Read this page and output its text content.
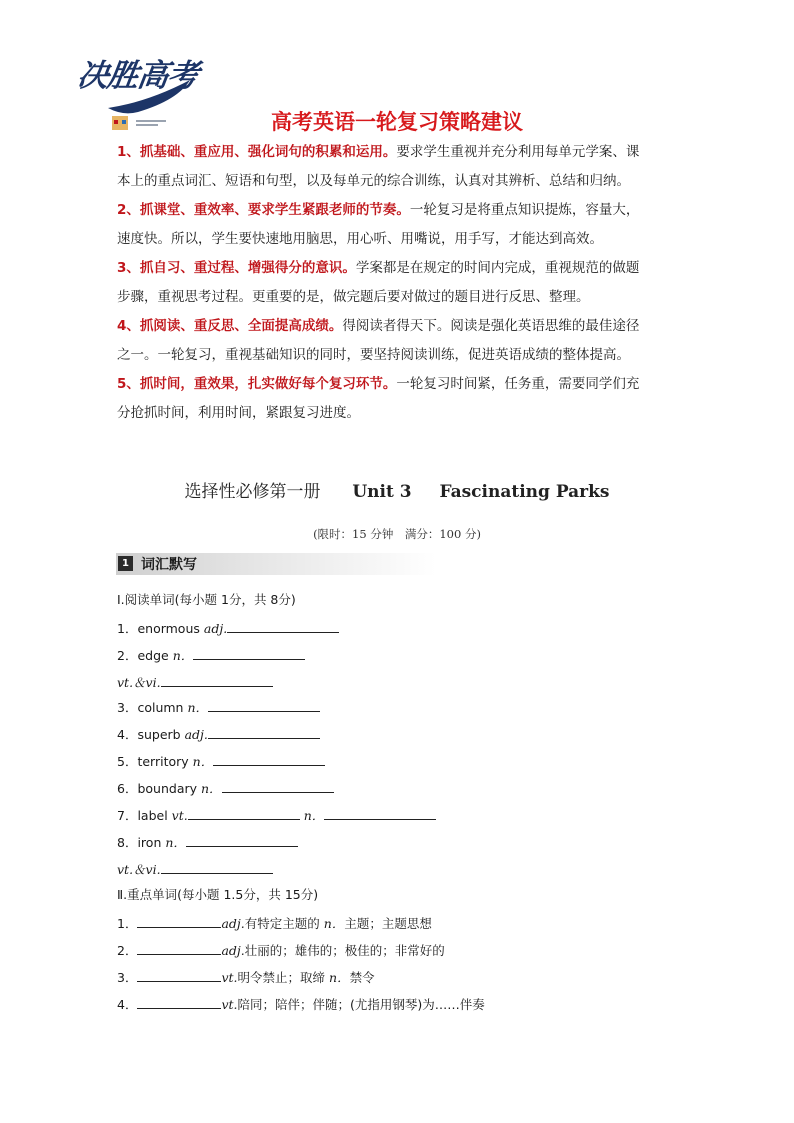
决胜高考
高考英语一轮复习策略建议
1、抓基础、重应用、强化词句的积累和运用。要求学生重视并充分利用每单元学案、课
本上的重点词汇、短语和句型，以及每单元的综合训练，认真对其辨析、总结和归纳。
2、抓课堂、重效率、要求学生紧跟老师的节奏。一轮复习是将重点知识提炼，容量大，
速度快。所以，学生要快速地用脑思，用心听、用嘴说，用手写，才能达到高效。
3、抓自习、重过程、增强得分的意识。学案都是在规定的时间内完成，重视规范的做题
步骤，重视思考过程。更重要的是，做完题后要对做过的题目进行反思、整理。
4、抓阅读、重反思、全面提高成绩。得阅读者得天下。阅读是强化英语思维的最佳途径
之一。一轮复习，重视基础知识的同时，要坚持阅读训练，促进英语成绩的整体提高。
5、抓时间，重效果，扎实做好每个复习环节。一轮复习时间紧，任务重，需要同学们充
分抢抓时间，利用时间，紧跟复习进度。
选择性必修第一册 Unit 3 Fascinating Parks
(限时：15 分钟　满分：100 分)
1 词汇默写
Ⅰ.阅读单词(每小题 1分，共 8分)
1．enormous adj.
2．edge n．
vt.＆vi.
3．column n．
4．superb adj.
5．territory n．
6．boundary n．
7．label vt.	n．
8．iron n．
vt.＆vi.
Ⅱ.重点单词(每小题 1.5分，共 15分)
1．	adj.有特定主题的 n．主题；主题思想
2．	adj.壮丽的；雄伟的；极佳的；非常好的
3．	vt.明令禁止；取缔 n．禁令
4．	vt.陪同；陪伴；伴随；(尤指用钢琴)为……伴奏
